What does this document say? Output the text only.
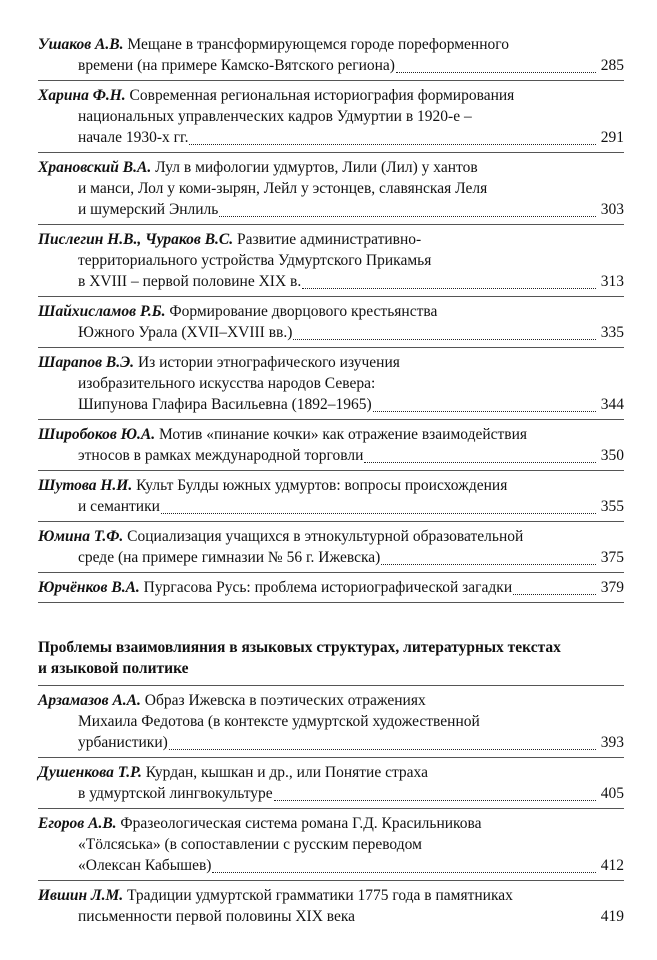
Ушаков А.В. Мещане в трансформирующемся городе пореформенного
времени (на примере Камско-Вятского региона)	285
Харина Ф.Н. Современная региональная историография формирования
национальных управленческих кадров Удмуртии в 1920-е –
начале 1930-х гг.	291
Храновский В.А. Лул в мифологии удмуртов, Лили (Лил) у хантов
и манси, Лол у коми-зырян, Лейл у эстонцев, славянская Леля
и шумерский Энлиль	303
Пислегин Н.В., Чураков В.С. Развитие административно-
территориального устройства Удмуртского Прикамья
в XVIII – первой половине XIX в.	313
Шайхисламов Р.Б. Формирование дворцового крестьянства
Южного Урала (XVII–XVIII вв.)	335
Шарапов В.Э. Из истории этнографического изучения
изобразительного искусства народов Севера:
Шипунова Глафира Васильевна (1892–1965)	344
Широбоков Ю.А. Мотив «пинание кочки» как отражение взаимодействия
этносов в рамках международной торговли	350
Шутова Н.И. Культ Булды южных удмуртов: вопросы происхождения
и семантики	355
Юмина Т.Ф. Социализация учащихся в этнокультурной образовательной
среде (на примере гимназии № 56 г. Ижевска)	375
Юрчёнков В.А. Пургасова Русь: проблема историографической загадки	379
Проблемы взаимовлияния в языковых структурах, литературных текстах
и языковой политике
Арзамазов А.А. Образ Ижевска в поэтических отражениях
Михаила Федотова (в контексте удмуртской художественной
урбанистики)	393
Душенкова Т.Р. Курдан, кышкан и др., или Понятие страха
в удмуртской лингвокультуре	405
Егоров А.В. Фразеологическая система романа Г.Д. Красильникова
«Тöлсяська» (в сопоставлении с русским переводом
«Олексан Кабышев)	412
Ившин Л.М. Традиции удмуртской грамматики 1775 года в памятниках
письменности первой половины XIX века	419
